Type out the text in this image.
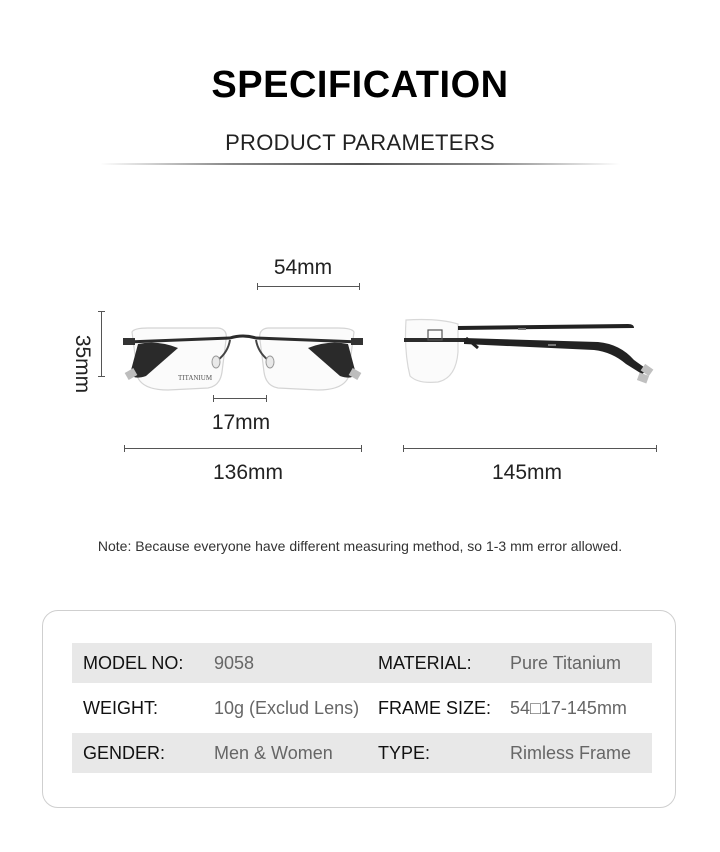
SPECIFICATION
PRODUCT PARAMETERS
54mm
35mm	TITANIUM
17mm
136mm	145mm
Note: Because everyone have different measuring method, so 1-3 mm error allowed.
MODEL NO: 9058	MATERIAL: Pure Titanium
WEIGHT:	10g (Exclud Lens) FRAME SIZE: 54□17-145mm
GENDER:	Men & Women	TYPE:	Rimless Frame
